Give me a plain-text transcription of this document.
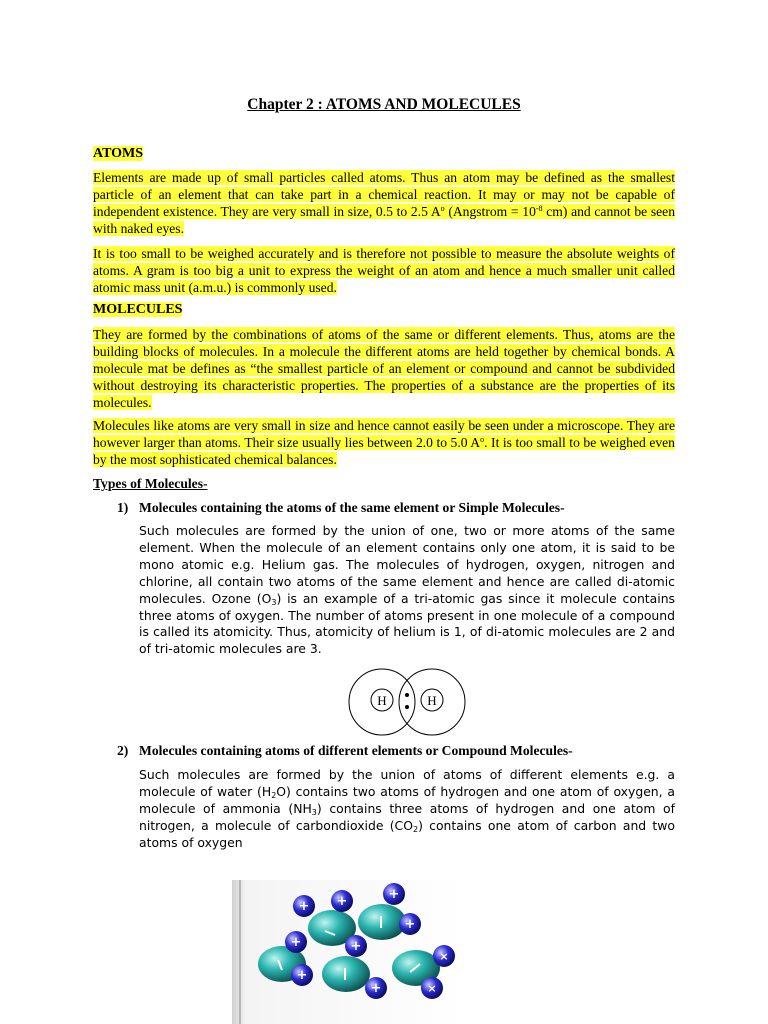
Chapter 2 : ATOMS AND MOLECULES
ATOMS
Elements are made up of small particles called atoms. Thus an atom may be defined as the smallest particle of an element that can take part in a chemical reaction. It may or may not be capable of independent existence. They are very small in size, 0.5 to 2.5 $A^o$ (Angstrom = $10^{-8}$ cm) and cannot be seen with naked eyes.
It is too small to be weighed accurately and is therefore not possible to measure the absolute weights of atoms. A gram is too big a unit to express the weight of an atom and hence a much smaller unit called atomic mass unit (a.m.u.) is commonly used.
MOLECULES
They are formed by the combinations of atoms of the same or different elements. Thus, atoms are the building blocks of molecules. In a molecule the different atoms are held together by chemical bonds. A molecule mat be defines as “the smallest particle of an element or compound and cannot be subdivided without destroying its characteristic properties. The properties of a substance are the properties of its molecules.
Molecules like atoms are very small in size and hence cannot easily be seen under a microscope. They are however larger than atoms. Their size usually lies between 2.0 to 5.0 $A^o$. It is too small to be weighed even by the most sophisticated chemical balances.
Types of Molecules-
1) Molecules containing the atoms of the same element or Simple Molecules-
Such molecules are formed by the union of one, two or more atoms of the same element. When the molecule of an element contains only one atom, it is said to be mono atomic e.g. Helium gas. The molecules of hydrogen, oxygen, nitrogen and chlorine, all contain two atoms of the same element and hence are called di-atomic molecules. Ozone $(O_3)$ is an example of a tri-atomic gas since it molecule contains three atoms of oxygen. The number of atoms present in one molecule of a compound is called its atomicity. Thus, atomicity of helium is 1, of di-atomic molecules are 2 and of tri-atomic molecules are 3.
2) Molecules containing atoms of different elements or Compound Molecules-
Such molecules are formed by the union of atoms of different elements e.g. a molecule of water $(H_2O)$ contains two atoms of hydrogen and one atom of oxygen, a molecule of ammonia $(NH_3)$ contains three atoms of hydrogen and one atom of nitrogen, a molecule of carbondioxide $(CO_2)$ contains one atom of carbon and two atoms of oxygen
H	H
+ +	+
+
+
+
+
+
×
×
